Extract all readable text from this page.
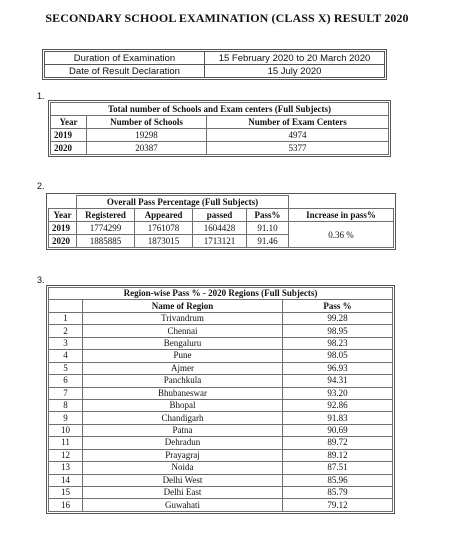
SECONDARY SCHOOL EXAMINATION (CLASS X) RESULT 2020
Duration of Examination	15 February 2020 to 20 March 2020
Date of Result Declaration	15 July 2020
1.
Total number of Schools and Exam centers (Full Subjects)		
Year	Number of Schools	Number of Exam Centers
2019	19298	4974
2020	20387	5377
2.
	Overall Pass Percentage (Full Subjects)				
Year	Registered	Appeared	passed	Pass%	Increase in pass%
2019	1774299	1761078	1604428	91.10	0.36 %
2020	1885885	1873015	1713121	91.46	
3.
Region-wise Pass % - 2020 Regions (Full Subjects)		
	Name of Region	Pass %
1	Trivandrum	99.28
2	Chennai	98.95
3	Bengaluru	98.23
4	Pune	98.05
5	Ajmer	96.93
6	Panchkula	94.31
7	Bhubaneswar	93.20
8	Bhopal	92.86
9	Chandigarh	91.83
10	Patna	90.69
11	Dehradun	89.72
12	Prayagraj	89.12
13	Noida	87.51
14	Delhi West	85.96
15	Delhi East	85.79
16	Guwahati	79.12
